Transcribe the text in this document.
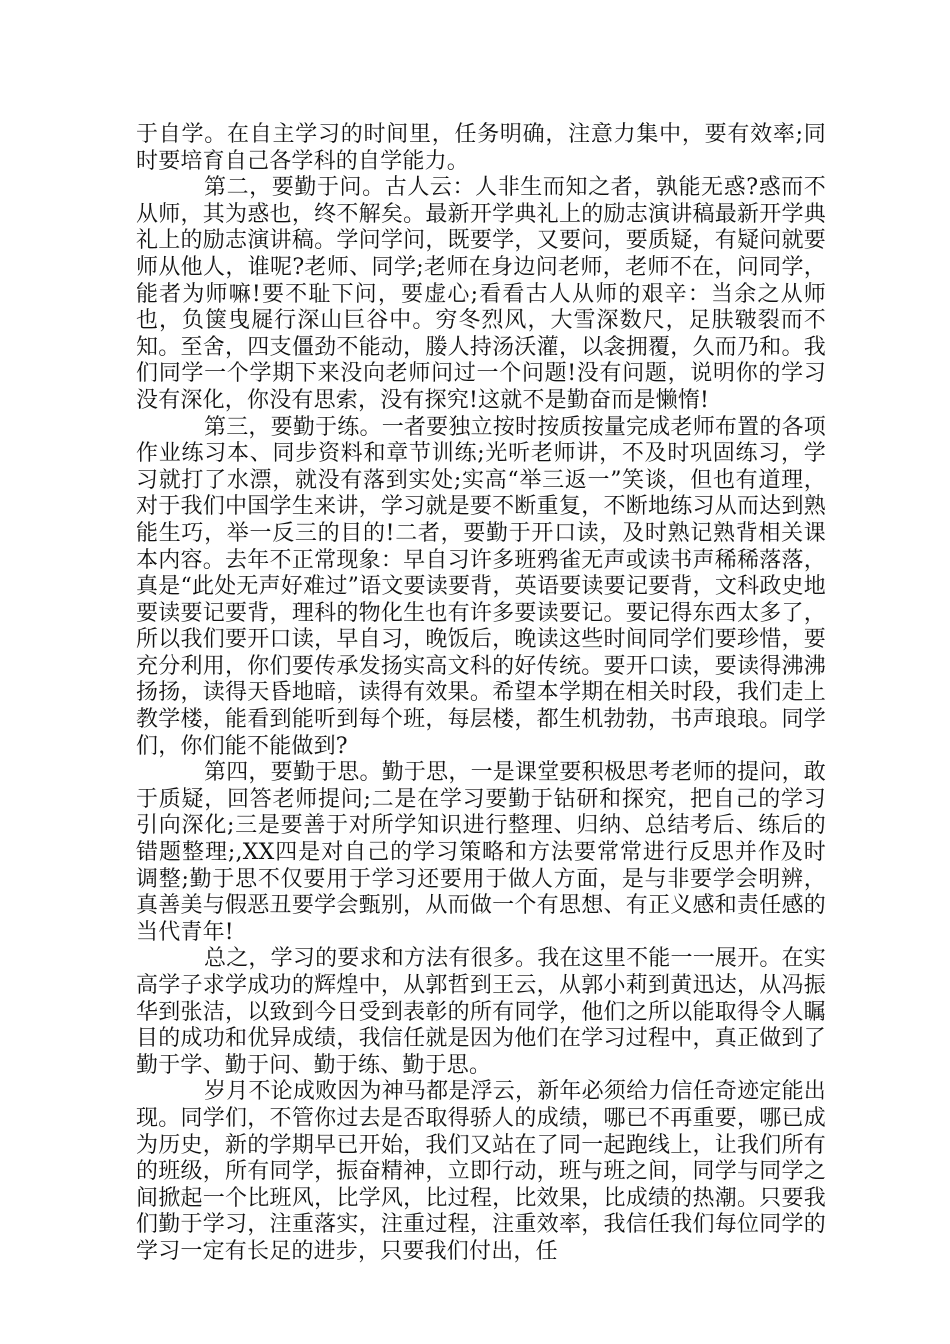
于自学。在自主学习的时间里，任务明确，注意力集中，要有效率;同时要培育自己各学科的自学能力。

第二，要勤于问。古人云：人非生而知之者，孰能无惑?惑而不从师，其为惑也，终不解矣。最新开学典礼上的励志演讲稿最新开学典礼上的励志演讲稿。学问学问，既要学，又要问，要质疑，有疑问就要师从他人，谁呢?老师、同学;老师在身边问老师，老师不在，问同学，能者为师嘛!要不耻下问，要虚心;看看古人从师的艰辛：当余之从师也，负箧曳屣行深山巨谷中。穷冬烈风，大雪深数尺，足肤皲裂而不知。至舍，四支僵劲不能动，媵人持汤沃灌，以衾拥覆，久而乃和。我们同学一个学期下来没向老师问过一个问题!没有问题，说明你的学习没有深化，你没有思索，没有探究!这就不是勤奋而是懒惰!

第三，要勤于练。一者要独立按时按质按量完成老师布置的各项作业练习本、同步资料和章节训练;光听老师讲，不及时巩固练习，学习就打了水漂，就没有落到实处;实高“举三返一”笑谈，但也有道理，对于我们中国学生来讲，学习就是要不断重复，不断地练习从而达到熟能生巧，举一反三的目的!二者，要勤于开口读，及时熟记熟背相关课本内容。去年不正常现象：早自习许多班鸦雀无声或读书声稀稀落落，真是“此处无声好难过”语文要读要背，英语要读要记要背，文科政史地要读要记要背，理科的物化生也有许多要读要记。要记得东西太多了，所以我们要开口读，早自习，晚饭后，晚读这些时间同学们要珍惜，要充分利用，你们要传承发扬实高文科的好传统。要开口读，要读得沸沸扬扬，读得天昏地暗，读得有效果。希望本学期在相关时段，我们走上教学楼，能看到能听到每个班，每层楼，都生机勃勃，书声琅琅。同学们，你们能不能做到?

第四，要勤于思。勤于思，一是课堂要积极思考老师的提问，敢于质疑，回答老师提问;二是在学习要勤于钻研和探究，把自己的学习引向深化;三是要善于对所学知识进行整理、归纳、总结考后、练后的错题整理;,XX四是对自己的学习策略和方法要常常进行反思并作及时调整;勤于思不仅要用于学习还要用于做人方面，是与非要学会明辨，真善美与假恶丑要学会甄别，从而做一个有思想、有正义感和责任感的当代青年!

总之，学习的要求和方法有很多。我在这里不能一一展开。在实高学子求学成功的辉煌中，从郭哲到王云，从郭小莉到黄迅达，从冯振华到张洁，以致到今日受到表彰的所有同学，他们之所以能取得令人瞩目的成功和优异成绩，我信任就是因为他们在学习过程中，真正做到了勤于学、勤于问、勤于练、勤于思。

岁月不论成败因为神马都是浮云，新年必须给力信任奇迹定能出现。同学们，不管你过去是否取得骄人的成绩，哪已不再重要，哪已成为历史，新的学期早已开始，我们又站在了同一起跑线上，让我们所有的班级，所有同学，振奋精神，立即行动，班与班之间，同学与同学之间掀起一个比班风，比学风，比过程，比效果，比成绩的热潮。只要我们勤于学习，注重落实，注重过程，注重效率，我信任我们每位同学的学习一定有长足的进步，只要我们付出，任
